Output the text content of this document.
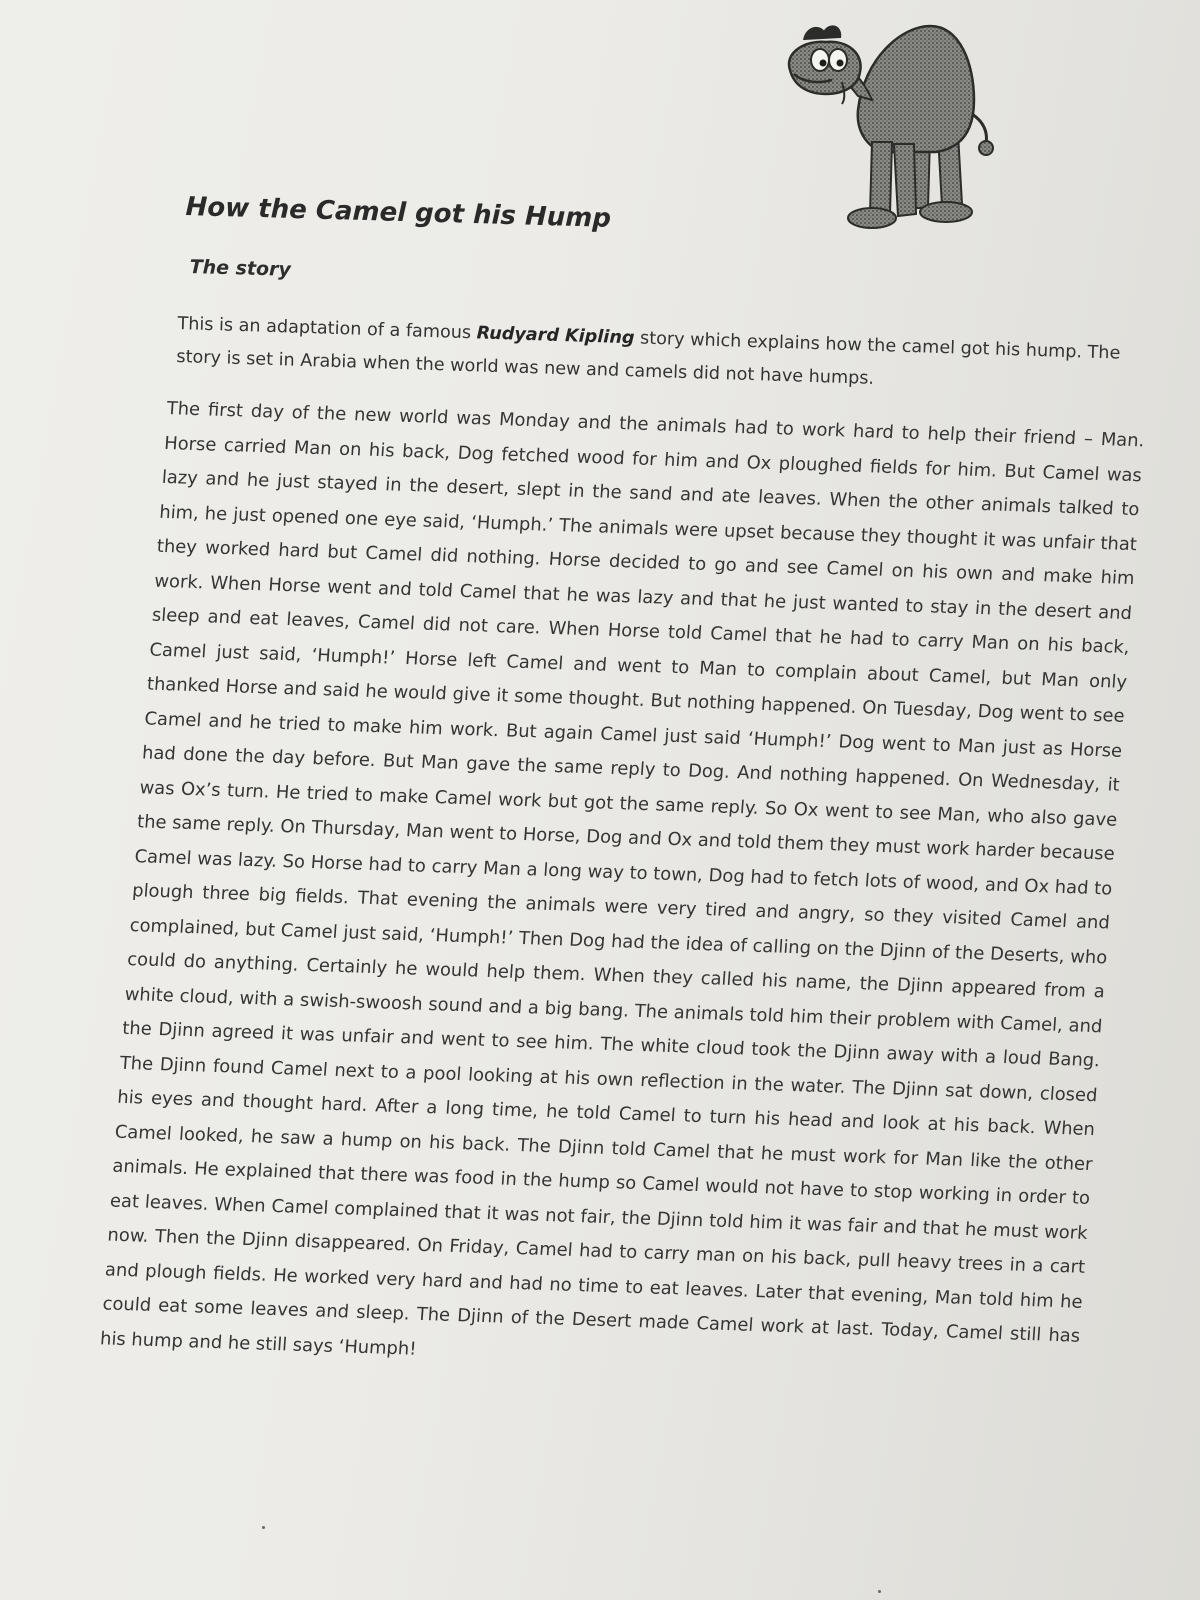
How the Camel got his Hump
The story

This is an adaptation of a famous Rudyard Kipling story which explains how the camel got his hump. The story is set in Arabia when the world was new and camels did not have humps.

The first day of the new world was Monday and the animals had to work hard to help their friend – Man. Horse carried Man on his back, Dog fetched wood for him and Ox ploughed fields for him. But Camel was lazy and he just stayed in the desert, slept in the sand and ate leaves. When the other animals talked to him, he just opened one eye said, ‘Humph.’ The animals were upset because they thought it was unfair that they worked hard but Camel did nothing. Horse decided to go and see Camel on his own and make him work. When Horse went and told Camel that he was lazy and that he just wanted to stay in the desert and sleep and eat leaves, Camel did not care. When Horse told Camel that he had to carry Man on his back, Camel just said, ‘Humph!’ Horse left Camel and went to Man to complain about Camel, but Man only thanked Horse and said he would give it some thought. But nothing happened. On Tuesday, Dog went to see Camel and he tried to make him work. But again Camel just said ‘Humph!’ Dog went to Man just as Horse had done the day before. But Man gave the same reply to Dog. And nothing happened. On Wednesday, it was Ox’s turn. He tried to make Camel work but got the same reply. So Ox went to see Man, who also gave the same reply. On Thursday, Man went to Horse, Dog and Ox and told them they must work harder because Camel was lazy. So Horse had to carry Man a long way to town, Dog had to fetch lots of wood, and Ox had to plough three big fields. That evening the animals were very tired and angry, so they visited Camel and complained, but Camel just said, ‘Humph!’ Then Dog had the idea of calling on the Djinn of the Deserts, who could do anything. Certainly he would help them. When they called his name, the Djinn appeared from a white cloud, with a swish-swoosh sound and a big bang. The animals told him their problem with Camel, and the Djinn agreed it was unfair and went to see him. The white cloud took the Djinn away with a loud Bang. The Djinn found Camel next to a pool looking at his own reflection in the water. The Djinn sat down, closed his eyes and thought hard. After a long time, he told Camel to turn his head and look at his back. When Camel looked, he saw a hump on his back. The Djinn told Camel that he must work for Man like the other animals. He explained that there was food in the hump so Camel would not have to stop working in order to eat leaves. When Camel complained that it was not fair, the Djinn told him it was fair and that he must work now. Then the Djinn disappeared. On Friday, Camel had to carry man on his back, pull heavy trees in a cart and plough fields. He worked very hard and had no time to eat leaves. Later that evening, Man told him he could eat some leaves and sleep. The Djinn of the Desert made Camel work at last. Today, Camel still has his hump and he still says ‘Humph!
